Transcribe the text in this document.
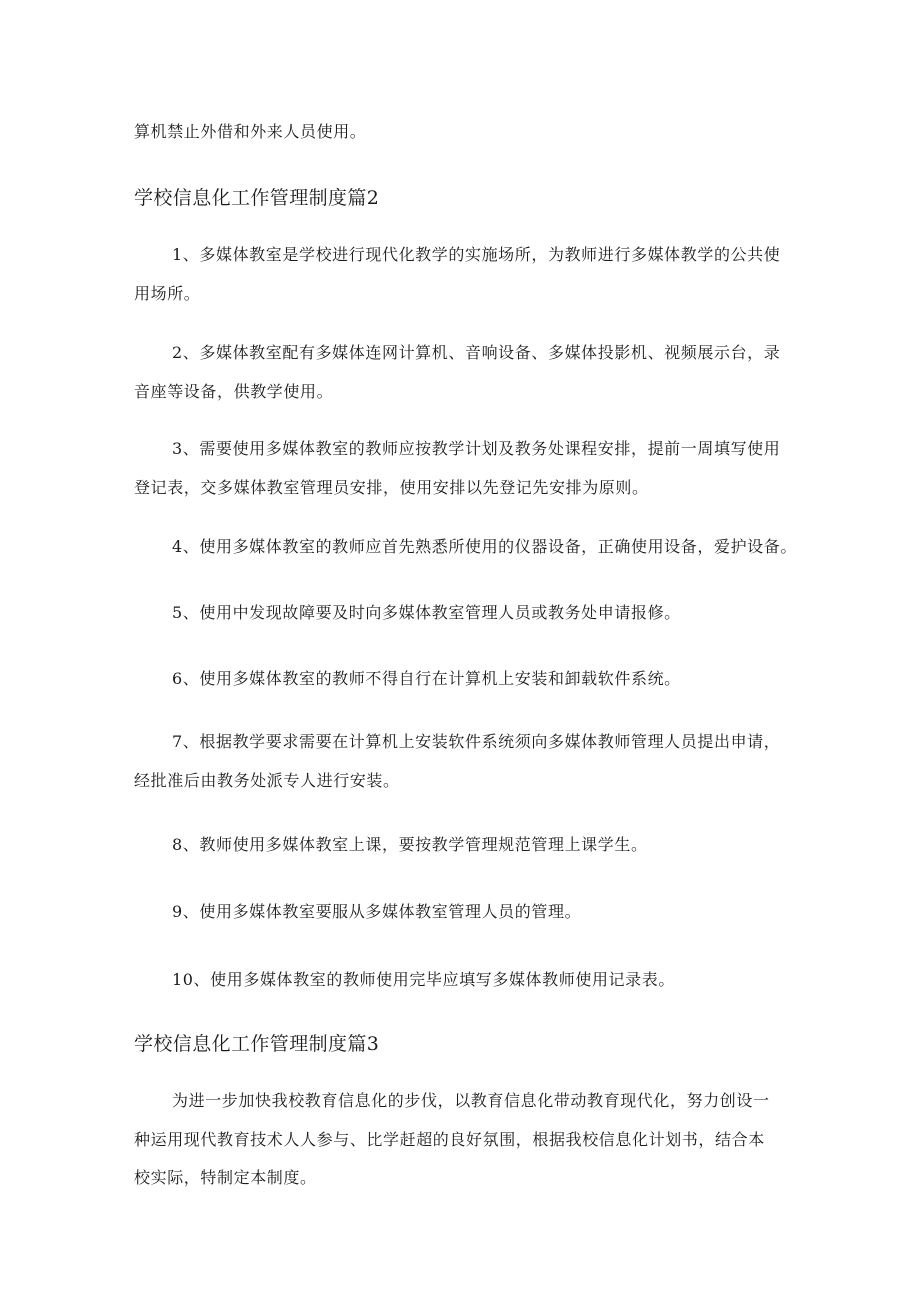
算机禁止外借和外来人员使用。
学校信息化工作管理制度篇2
1、多媒体教室是学校进行现代化教学的实施场所，为教师进行多媒体教学的公共使
用场所。
2、多媒体教室配有多媒体连网计算机、音响设备、多媒体投影机、视频展示台，录
音座等设备，供教学使用。
3、需要使用多媒体教室的教师应按教学计划及教务处课程安排，提前一周填写使用
登记表，交多媒体教室管理员安排，使用安排以先登记先安排为原则。
4、使用多媒体教室的教师应首先熟悉所使用的仪器设备，正确使用设备，爱护设备。
5、使用中发现故障要及时向多媒体教室管理人员或教务处申请报修。
6、使用多媒体教室的教师不得自行在计算机上安装和卸载软件系统。
7、根据教学要求需要在计算机上安装软件系统须向多媒体教师管理人员提出申请，
经批准后由教务处派专人进行安装。
8、教师使用多媒体教室上课，要按教学管理规范管理上课学生。
9、使用多媒体教室要服从多媒体教室管理人员的管理。
10、使用多媒体教室的教师使用完毕应填写多媒体教师使用记录表。
学校信息化工作管理制度篇3
为进一步加快我校教育信息化的步伐，以教育信息化带动教育现代化，努力创设一
种运用现代教育技术人人参与、比学赶超的良好氛围，根据我校信息化计划书，结合本
校实际，特制定本制度。
